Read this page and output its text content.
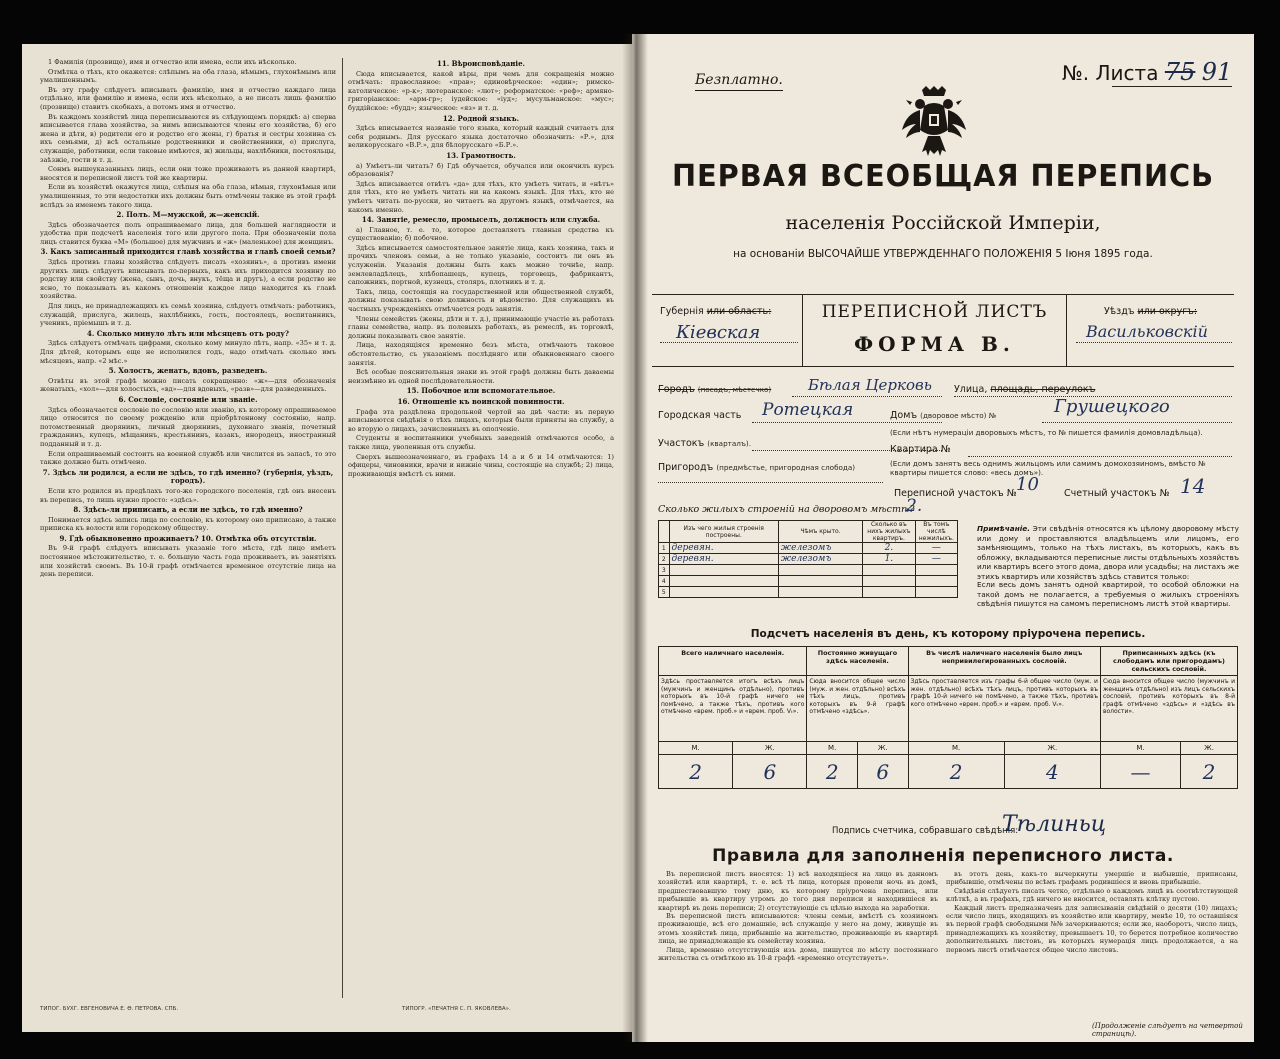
1 Фамилія (прозвище), имя и отчество или имена, если ихъ нѣсколько.

Отмѣтка о тѣхъ, кто окажется: слѣпымъ на оба глаза, нѣмымъ, глухонѣмымъ или умалишеннымъ.

Въ эту графу слѣдуетъ вписывать фамилію, имя и отчество каждаго лица отдѣльно, или фамилію и имена, если ихъ нѣсколько, а не писать лишь фамилію (прозвище) ставитъ скобкахъ, а потомъ имя и отчество.

Въ каждомъ хозяйствѣ лица переписываются въ слѣдующемъ порядкѣ: а) сперва вписывается глава хозяйства, за нимъ вписываются члены его хозяйства, б) его жена и дѣти, в) родители его и родство его жены, г) братья и сестры хозяина съ ихъ семьями, д) всѣ остальные родственники и свойственники, е) прислуга, служащіе, работники, если таковые имѣются, ж) жильцы, нахлѣбники, постояльцы, заѣзжіе, гости и т. д.

Сонмъ вышеуказанныхъ лицъ, если они тоже проживаютъ въ данной квартирѣ, вносятся и переписной листъ той же квартиры.

Если въ хозяйствѣ окажутся лица, слѣпыя на оба глаза, нѣмыя, глухонѣмыя или умалишенныя, то эти недостатки ихъ должны быть отмѣчены также въ этой графѣ вслѣдъ за именемъ такого лица.

2. Полъ. М—мужской, ж—женскій.

Здѣсь обозначается полъ опрашиваемаго лица, для большей наглядности и удобства при подсчетѣ населенія того или другого пола. При обозначеніи пола лицъ ставится буква «М» (большое) для мужчинъ и «ж» (маленькое) для женщинъ.

3. Какъ записанный приходится главѣ хозяйства и главѣ своей семьи?

Здѣсь противъ главы хозяйства слѣдуетъ писать «хозяинъ», а противъ имени другихъ лицъ слѣдуетъ вписывать по-первыхъ, какъ ихъ приходится хозяину по родству или свойству (жена, сынъ, дочь, внукъ, тёща и другъ), а если родство не ясно, то показывать въ какомъ отношеніи каждое лицо находится къ главѣ хозяйства.

Для лицъ, не принадлежащихъ къ семьѣ хозяина, слѣдуетъ отмѣчать: работникъ, служащій, прислуга, жилецъ, нахлѣбникъ, гость, постоялецъ, воспитанникъ, ученикъ, пріемышъ и т. д.

4. Сколько минуло лѣтъ или мѣсяцевъ отъ роду?

Здѣсь слѣдуетъ отмѣчать цифрами, сколько кому минуло лѣтъ, напр. «35» и т. д. Для дѣтей, которымъ еще не исполнился годъ, надо отмѣчать сколько имъ мѣсяцевъ, напр. «2 мѣс.»

5. Холостъ, женатъ, вдовъ, разведенъ.

Отвѣты въ этой графѣ можно писать сокращенно: «ж»—для обозначенія женатыхъ, «хол»—для холостыхъ, «вд»—для вдовыхъ, «разв»—для разведенныхъ.

6. Сословіе, состояніе или званіе.

Здѣсь обозначается сословіе по сословію или званію, къ которому опрашиваемое лицо относится по своему рожденію или пріобрѣтенному состоянію, напр. потомственный дворянинъ, личный дворянинъ, духовнаго званія, почетный гражданинъ, купецъ, мѣщанинъ, крестьянинъ, казакъ, инородецъ, иностранный подданный и т. д.

Если опрашиваемый состоитъ на военной службѣ или числится въ запасѣ, то это также должно быть отмѣчено.

7. Здѣсь ли родился, а если не здѣсь, то гдѣ именно? (губернія, уѣздъ, городъ).

Если кто родился въ предѣлахъ того-же городского поселенія, гдѣ онъ внесенъ въ перепись, то лишь нужно просто: «здѣсь».

8. Здѣсь-ли приписанъ, а если не здѣсь, то гдѣ именно?

Понимается здѣсь запись лица по сословію, къ которому оно приписано, а также приписка къ волости или городскому обществу.

9. Гдѣ обыкновенно проживаетъ? 10. Отмѣтка объ отсутствіи.

Въ 9-й графѣ слѣдуетъ вписывать указаніе того мѣста, гдѣ лицо имѣетъ постоянное мѣстожительство, т. е. большую часть года проживаетъ, въ занятіяхъ или хозяйствѣ своемъ. Въ 10-й графѣ отмѣчается временное отсутствіе лица на день переписи.

11. Вѣроисповѣданіе.

Сюда вписывается, какой вѣры, при чемъ для сокращенія можно отмѣчать: православное: «прав»; единовѣрческое: «един»; римско-католическое: «р-к»; лютеранское: «лют»; реформатское: «реф»; армяно-григоріанское: «арм-гр»; іудейское: «іуд»; мусульманское: «мус»; буддійское: «будд»; языческое: «яз» и т. д.

12. Родной языкъ.

Здѣсь вписывается названіе того языка, который каждый считаетъ для себя роднымъ. Для русскаго языка достаточно обозначить: «Р.», для великорусскаго «В.Р.», для бѣлорусскаго «Б.Р.».

13. Грамотность.

а) Умѣетъ-ли читать? б) Гдѣ обучается, обучался или окончилъ курсъ образованія?

Здѣсь вписывается отвѣтъ «да» для тѣхъ, кто умѣетъ читать, и «нѣтъ» для тѣхъ, кто не умѣетъ читать ни на какомъ языкѣ. Для тѣхъ, кто не умѣетъ читать по-русски, но читаетъ на другомъ языкѣ, отмѣчается, на какомъ именно.

14. Занятіе, ремесло, промыселъ, должность или служба.

а) Главное, т. е. то, которое доставляетъ главныя средства къ существованію; б) побочное.

Здѣсь вписывается самостоятельное занятіе лица, какъ хозяина, такъ и прочихъ членовъ семьи, а не только указаніе, состоитъ ли онъ въ услуженіи. Указанія должны быть какъ можно точнѣе, напр. землевладѣлецъ, хлѣбопашецъ, купецъ, торговецъ, фабрикантъ, сапожникъ, портной, кузнецъ, столяръ, плотникъ и т. д.

Такъ, лица, состоящія на государственной или общественной службѣ, должны показывать свою должность и вѣдомство. Для служащихъ въ частныхъ учрежденіяхъ отмѣчается родъ занятія.

Члены семействъ (жены, дѣти и т. д.), принимающіе участіе въ работахъ главы семейства, напр. въ полевыхъ работахъ, въ ремеслѣ, въ торговлѣ, должны показывать свое занятіе.

Лица, находящіяся временно безъ мѣста, отмѣчаютъ таковое обстоятельство, съ указаніемъ послѣдняго или обыкновеннаго своего занятія.

Всѣ особые пояснительныя знаки въ этой графѣ должны быть даваемы неизмѣнно въ одной послѣдовательности.

15. Побочное или вспомогательное.
16. Отношеніе къ воинской повинности.

Графа эта раздѣлена продольной чертой на двѣ части: въ первую вписываются свѣдѣнія о тѣхъ лицахъ, которыя были приняты на службу, а во вторую о лицахъ, зачисленныхъ въ ополченіе.

Студенты и воспитанники учебныхъ заведеній отмѣчаются особо, а также лица, уволенныя отъ службы.

Сверхъ вышеозначеннаго, въ графахъ 14 а и б и 14 отмѣчаются: 1) офицеры, чиновники, врачи и нижніе чины, состоящіе на службѣ; 2) лица, проживающія вмѣстѣ съ ними.

ТИПОГ. БУХГ. ЕВГЕНОВИЧА Е. Ѳ. ПЕТРОВА. СПБ.	ТИПОГР. «ПЕЧАТНЯ С. П. ЯКОВЛЕВА».
Безплатно.	№. Листа 75 91
ПЕРВАЯ ВСЕОБЩАЯ ПЕРЕПИСЬ
населенія Россійской Имперіи,
на основаніи ВЫСОЧАЙШЕ УТВЕРЖДЕННАГО ПОЛОЖЕНІЯ 5 Іюня 1895 года.
Губернія или область:
Кіевская
ПЕРЕПИСНОЙ ЛИСТЪ
ФОРМА В.
Уѣздъ или округъ:
Васильковскій
Городъ (посадъ, мѣстечко) Бѣлая Церковь Улица, площадь, переулокъ
Городская часть Ротецкая	Домъ (дворовое мѣсто) №	Грушецкого
(Если нѣтъ нумераціи дворовыхъ мѣстъ, то № пишется фамилія домовладѣльца).
Участокъ (кварталъ).
Квартира №
(Если домъ занятъ весь однимъ жильцомъ или самимъ домохозяиномъ, вмѣсто № квартиры пишется слово: «весь домъ»).
Пригородъ (предмѣстье, пригородная слобода)
Переписной участокъ № 10	Счетный участокъ № 14
Сколько жилыхъ строеній на дворовомъ мѣстѣ?
2.
	Изъ чего жилыя строенія построены.	Чѣмъ крыто.	Сколько въ нихъ жилыхъ квартиръ.	Въ томъ числѣ нежилыхъ.
1	деревян.	железомъ	2.	—
2	деревян.	железомъ	1.	—
3				
4				
5				
Примѣчаніе. Эти свѣдѣнія относятся къ цѣлому дворовому мѣсту или дому и проставляются владѣльцемъ или лицомъ, его замѣняющимъ, только на тѣхъ листахъ, въ которыхъ, какъ въ обложку, вкладываются переписные листы отдѣльныхъ хозяйствъ или квартиръ всего этого дома, двора или усадьбы; на листахъ же этихъ квартиръ или хозяйствъ здѣсь ставится только:
Если весь домъ занятъ одной квартирой, то особой обложки на такой домъ не полагается, а требуемыя о жилыхъ строеніяхъ свѣдѣнія пишутся на самомъ переписномъ листѣ этой квартиры.
Подсчетъ населенія въ день, къ которому пріурочена перепись.
Всего наличнаго населенія.		Постоянно живущаго здѣсь населенія.		Въ числѣ наличнаго населенія было лицъ непривилегированныхъ сословій.		Приписанныхъ здѣсь (къ слободамъ или пригородамъ) сельскихъ сословій.	
Здѣсь проставляется итогъ всѣхъ лицъ (мужчинъ и женщинъ отдѣльно), противъ которыхъ въ 10-й графѣ ничего не помѣчено, а также тѣхъ, противъ кого отмѣчено «врем. проб.» и «врем. проб. Vₜ».		Сюда вносится общее число (муж. и жен. отдѣльно) всѣхъ тѣхъ лицъ, противъ которыхъ въ 9-й графѣ отмѣчено «здѣсь».		Здѣсь проставляется изъ графы 6-й общее число (муж. и жен. отдѣльно) всѣхъ тѣхъ лицъ, противъ которыхъ въ графѣ 10-й ничего не помѣчено, а также тѣхъ, противъ кого отмѣчено «врем. проб.» и «врем. проб. Vₜ».		Сюда вносится общее число (мужчинъ и женщинъ отдѣльно) изъ лицъ сельскихъ сословій, противъ которыхъ въ 8-й графѣ отмѣчено «здѣсь» и «здѣсь въ волости».	
М.	Ж.	М.	Ж.	М.	Ж.	М.	Ж.
2	6	2	6	2	4	—	2
Подпись счетчика, собравшаго свѣдѣнія:
Тѣлиньц
Правила для заполненія переписного листа.

Въ переписной листъ вносятся: 1) всѣ находящіеся на лицо въ данномъ хозяйствѣ или квартирѣ, т. е. всѣ тѣ лица, которыя провели ночь въ домѣ, предшествовавшую тому дню, къ которому пріурочена перепись, или прибывшіе въ квартиру утромъ до того дня переписи и находившіеся въ квартирѣ въ день переписи; 2) отсутствующіе съ цѣлью выхода на заработки.

Въ переписной листъ вписываются: члены семьи, вмѣстѣ съ хозяиномъ проживающіе, всѣ его домашніе, всѣ служащіе у него на дому, живущіе въ этомъ хозяйствѣ лица, прибывшіе на жительство, проживающіе въ квартирѣ лица, не принадлежащіе къ семейству хозяина.

Лица, временно отсутствующія изъ дома, пишутся по мѣсту постояннаго жительства съ отмѣткою въ 10-й графѣ «временно отсутствуетъ».

въ этотъ день, какъ-то вычеркнуты умершіе и выбывшіе, приписаны, прибывшіе, отмѣчены по всѣмъ графамъ родившіеся и вновь прибывшіе.

Свѣдѣнія слѣдуетъ писать четко, отдѣльно о каждомъ лицѣ въ соотвѣтствующей клѣткѣ, а въ графахъ, гдѣ ничего не вносится, оставлять клѣтку пустою.

Каждый листъ предназначенъ для записыванія свѣдѣній о десяти (10) лицахъ; если число лицъ, входящихъ въ хозяйство или квартиру, менѣе 10, то оставшіяся въ первой графѣ свободными №№ зачеркиваются; если же, наоборотъ, число лицъ, принадлежащихъ къ хозяйству, превышаетъ 10, то берется потребное количество дополнительныхъ листовъ, въ которыхъ нумерація лицъ продолжается, а на первомъ листѣ отмѣчается общее число листовъ.

(Продолженіе слѣдуетъ на четвертой страницѣ).
